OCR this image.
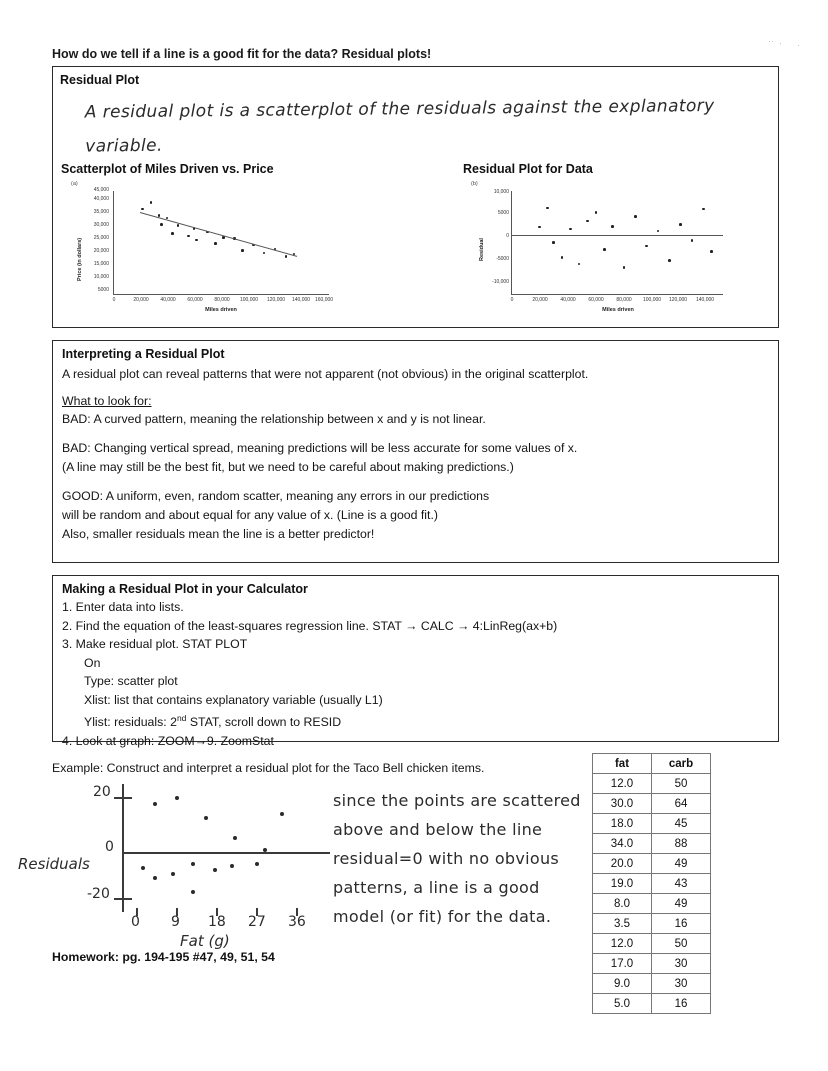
·· · ·
How do we tell if a line is a good fit for the data? Residual plots!
Residual Plot
A residual plot is a scatterplot of the residuals against the explanatory variable.
Scatterplot of Miles Driven vs. Price	Residual Plot for Data
(a)
Price (in dollars)
Miles driven
5000
10,000
15,000
20,000
25,000
30,000
35,000
40,000
45,000
0	20,000 40,000 60,000 80,000 100,000 120,000 140,000 160,000
(b)
Residual
Miles driven
-10,000
-5000
0
5000
10,000
0	20,000	40,000	60,000	80,000 100,000 120,000 140,000
Interpreting a Residual Plot

A residual plot can reveal patterns that were not apparent (not obvious) in the original scatterplot.

What to look for:

BAD: A curved pattern, meaning the relationship between x and y is not linear.

BAD: Changing vertical spread, meaning predictions will be less accurate for some values of x.

(A line may still be the best fit, but we need to be careful about making predictions.)

GOOD: A uniform, even, random scatter, meaning any errors in our predictions

will be random and about equal for any value of x. (Line is a good fit.)

Also, smaller residuals mean the line is a better predictor!

Making a Residual Plot in your Calculator
1. Enter data into lists.
2. Find the equation of the least-squares regression line. STAT → CALC → 4:LinReg(ax+b)
3. Make residual plot. STAT PLOT
On
Type: scatter plot
Xlist: list that contains explanatory variable (usually L1)
Ylist: residuals: 2nd STAT, scroll down to RESID
4. Look at graph: ZOOM→9. ZoomStat
Example: Construct and interpret a residual plot for the Taco Bell chicken items.
Residuals
Fat (g)
20
0
-20
0 9 18 27 36
since the points are scattered above and below the line residual=0 with no obvious patterns, a line is a good model (or fit) for the data.
Homework: pg. 194-195 #47, 49, 51, 54
fat	carb
12.0	50
30.0	64
18.0	45
34.0	88
20.0	49
19.0	43
8.0	49
3.5	16
12.0	50
17.0	30
9.0	30
5.0	16
